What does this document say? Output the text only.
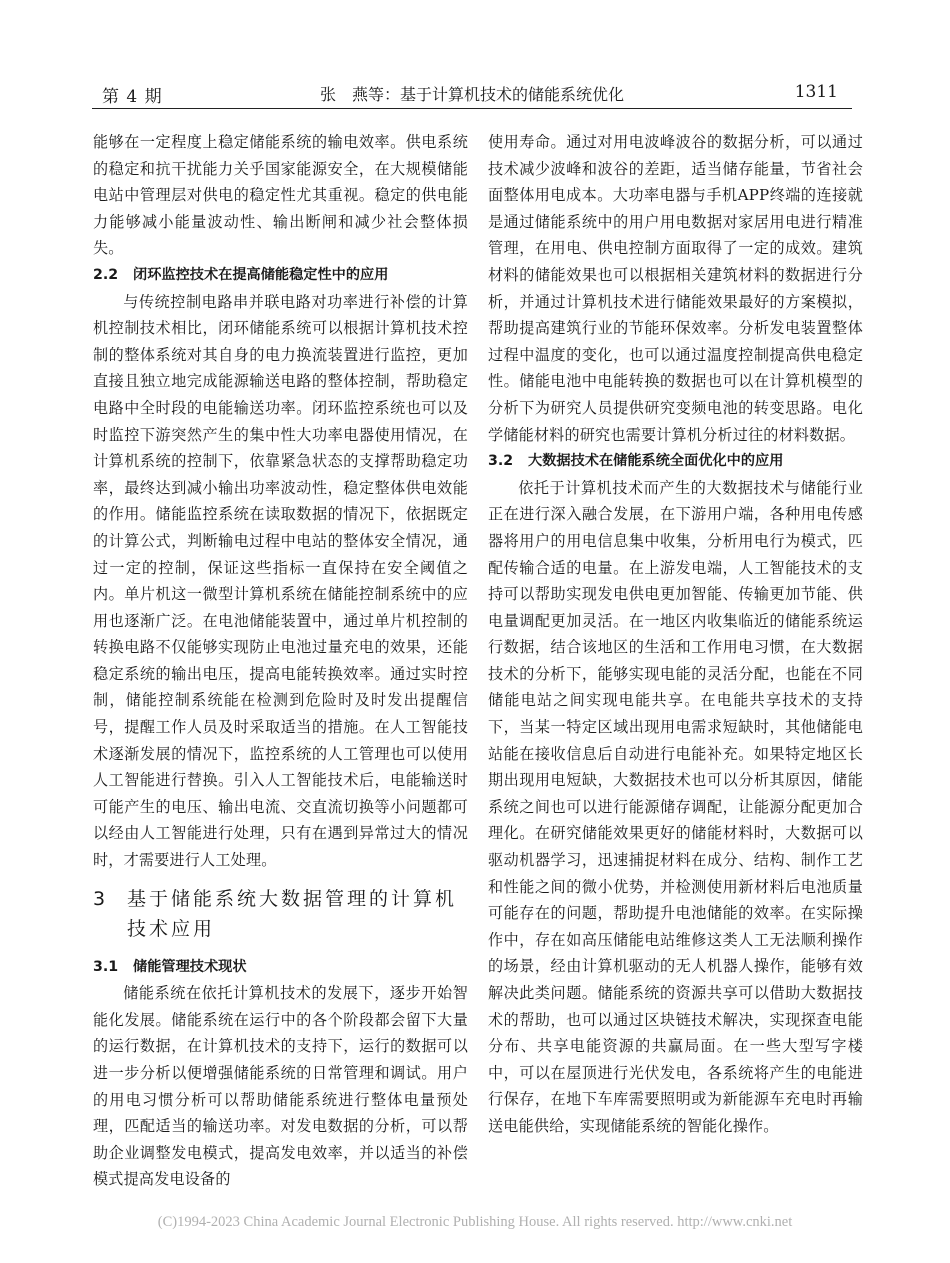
第 4 期	张　燕等：基于计算机技术的储能系统优化	1311

能够在一定程度上稳定储能系统的输电效率。供电系统的稳定和抗干扰能力关乎国家能源安全，在大规模储能电站中管理层对供电的稳定性尤其重视。稳定的供电能力能够减小能量波动性、输出断闸和减少社会整体损失。

2.2 闭环监控技术在提高储能稳定性中的应用

与传统控制电路串并联电路对功率进行补偿的计算机控制技术相比，闭环储能系统可以根据计算机技术控制的整体系统对其自身的电力换流装置进行监控，更加直接且独立地完成能源输送电路的整体控制，帮助稳定电路中全时段的电能输送功率。闭环监控系统也可以及时监控下游突然产生的集中性大功率电器使用情况，在计算机系统的控制下，依靠紧急状态的支撑帮助稳定功率，最终达到减小输出功率波动性，稳定整体供电效能的作用。储能监控系统在读取数据的情况下，依据既定的计算公式，判断输电过程中电站的整体安全情况，通过一定的控制，保证这些指标一直保持在安全阈值之内。单片机这一微型计算机系统在储能控制系统中的应用也逐渐广泛。在电池储能装置中，通过单片机控制的转换电路不仅能够实现防止电池过量充电的效果，还能稳定系统的输出电压，提高电能转换效率。通过实时控制，储能控制系统能在检测到危险时及时发出提醒信号，提醒工作人员及时采取适当的措施。在人工智能技术逐渐发展的情况下，监控系统的人工管理也可以使用人工智能进行替换。引入人工智能技术后，电能输送时可能产生的电压、输出电流、交直流切换等小问题都可以经由人工智能进行处理，只有在遇到异常过大的情况时，才需要进行人工处理。

3	基于储能系统大数据管理的计算机技术应用
3.1 储能管理技术现状

储能系统在依托计算机技术的发展下，逐步开始智能化发展。储能系统在运行中的各个阶段都会留下大量的运行数据，在计算机技术的支持下，运行的数据可以进一步分析以便增强储能系统的日常管理和调试。用户的用电习惯分析可以帮助储能系统进行整体电量预处理，匹配适当的输送功率。对发电数据的分析，可以帮助企业调整发电模式，提高发电效率，并以适当的补偿模式提高发电设备的

使用寿命。通过对用电波峰波谷的数据分析，可以通过技术减少波峰和波谷的差距，适当储存能量，节省社会面整体用电成本。大功率电器与手机APP终端的连接就是通过储能系统中的用户用电数据对家居用电进行精准管理，在用电、供电控制方面取得了一定的成效。建筑材料的储能效果也可以根据相关建筑材料的数据进行分析，并通过计算机技术进行储能效果最好的方案模拟，帮助提高建筑行业的节能环保效率。分析发电装置整体过程中温度的变化，也可以通过温度控制提高供电稳定性。储能电池中电能转换的数据也可以在计算机模型的分析下为研究人员提供研究变频电池的转变思路。电化学储能材料的研究也需要计算机分析过往的材料数据。

3.2 大数据技术在储能系统全面优化中的应用

依托于计算机技术而产生的大数据技术与储能行业正在进行深入融合发展，在下游用户端，各种用电传感器将用户的用电信息集中收集，分析用电行为模式，匹配传输合适的电量。在上游发电端，人工智能技术的支持可以帮助实现发电供电更加智能、传输更加节能、供电量调配更加灵活。在一地区内收集临近的储能系统运行数据，结合该地区的生活和工作用电习惯，在大数据技术的分析下，能够实现电能的灵活分配，也能在不同储能电站之间实现电能共享。在电能共享技术的支持下，当某一特定区域出现用电需求短缺时，其他储能电站能在接收信息后自动进行电能补充。如果特定地区长期出现用电短缺，大数据技术也可以分析其原因，储能系统之间也可以进行能源储存调配，让能源分配更加合理化。在研究储能效果更好的储能材料时，大数据可以驱动机器学习，迅速捕捉材料在成分、结构、制作工艺和性能之间的微小优势，并检测使用新材料后电池质量可能存在的问题，帮助提升电池储能的效率。在实际操作中，存在如高压储能电站维修这类人工无法顺利操作的场景，经由计算机驱动的无人机器人操作，能够有效解决此类问题。储能系统的资源共享可以借助大数据技术的帮助，也可以通过区块链技术解决，实现探查电能分布、共享电能资源的共赢局面。在一些大型写字楼中，可以在屋顶进行光伏发电，各系统将产生的电能进行保存，在地下车库需要照明或为新能源车充电时再输送电能供给，实现储能系统的智能化操作。

(C)1994-2023 China Academic Journal Electronic Publishing House. All rights reserved. http://www.cnki.net
